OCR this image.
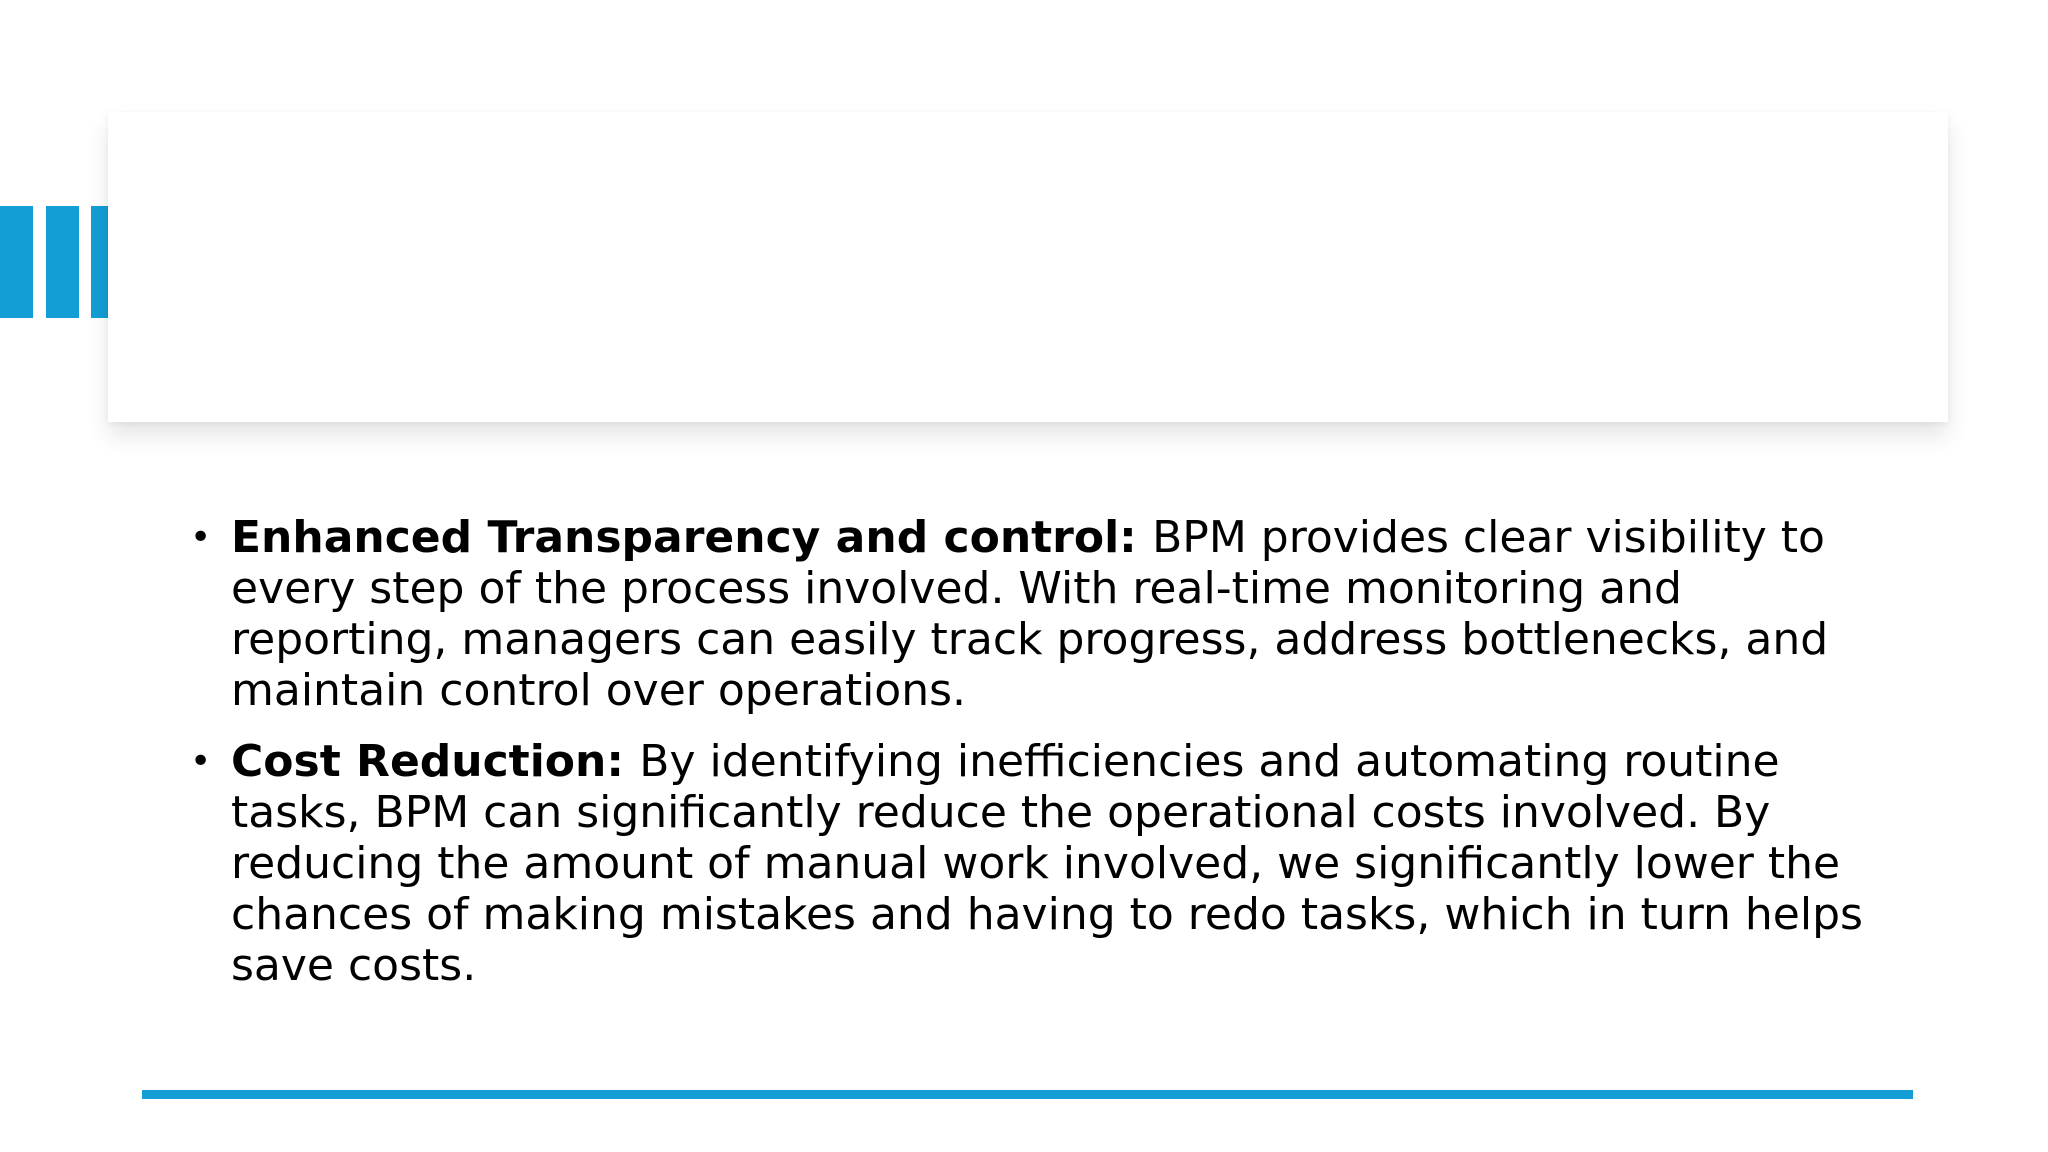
• Enhanced Transparency and control: BPM provides clear visibility to every step of the process involved. With real-time monitoring and reporting, managers can easily track progress, address bottlenecks, and maintain control over operations.
• Cost Reduction: By identifying inefficiencies and automating routine tasks, BPM can significantly reduce the operational costs involved. By reducing the amount of manual work involved, we significantly lower the chances of making mistakes and having to redo tasks, which in turn helps save costs.
